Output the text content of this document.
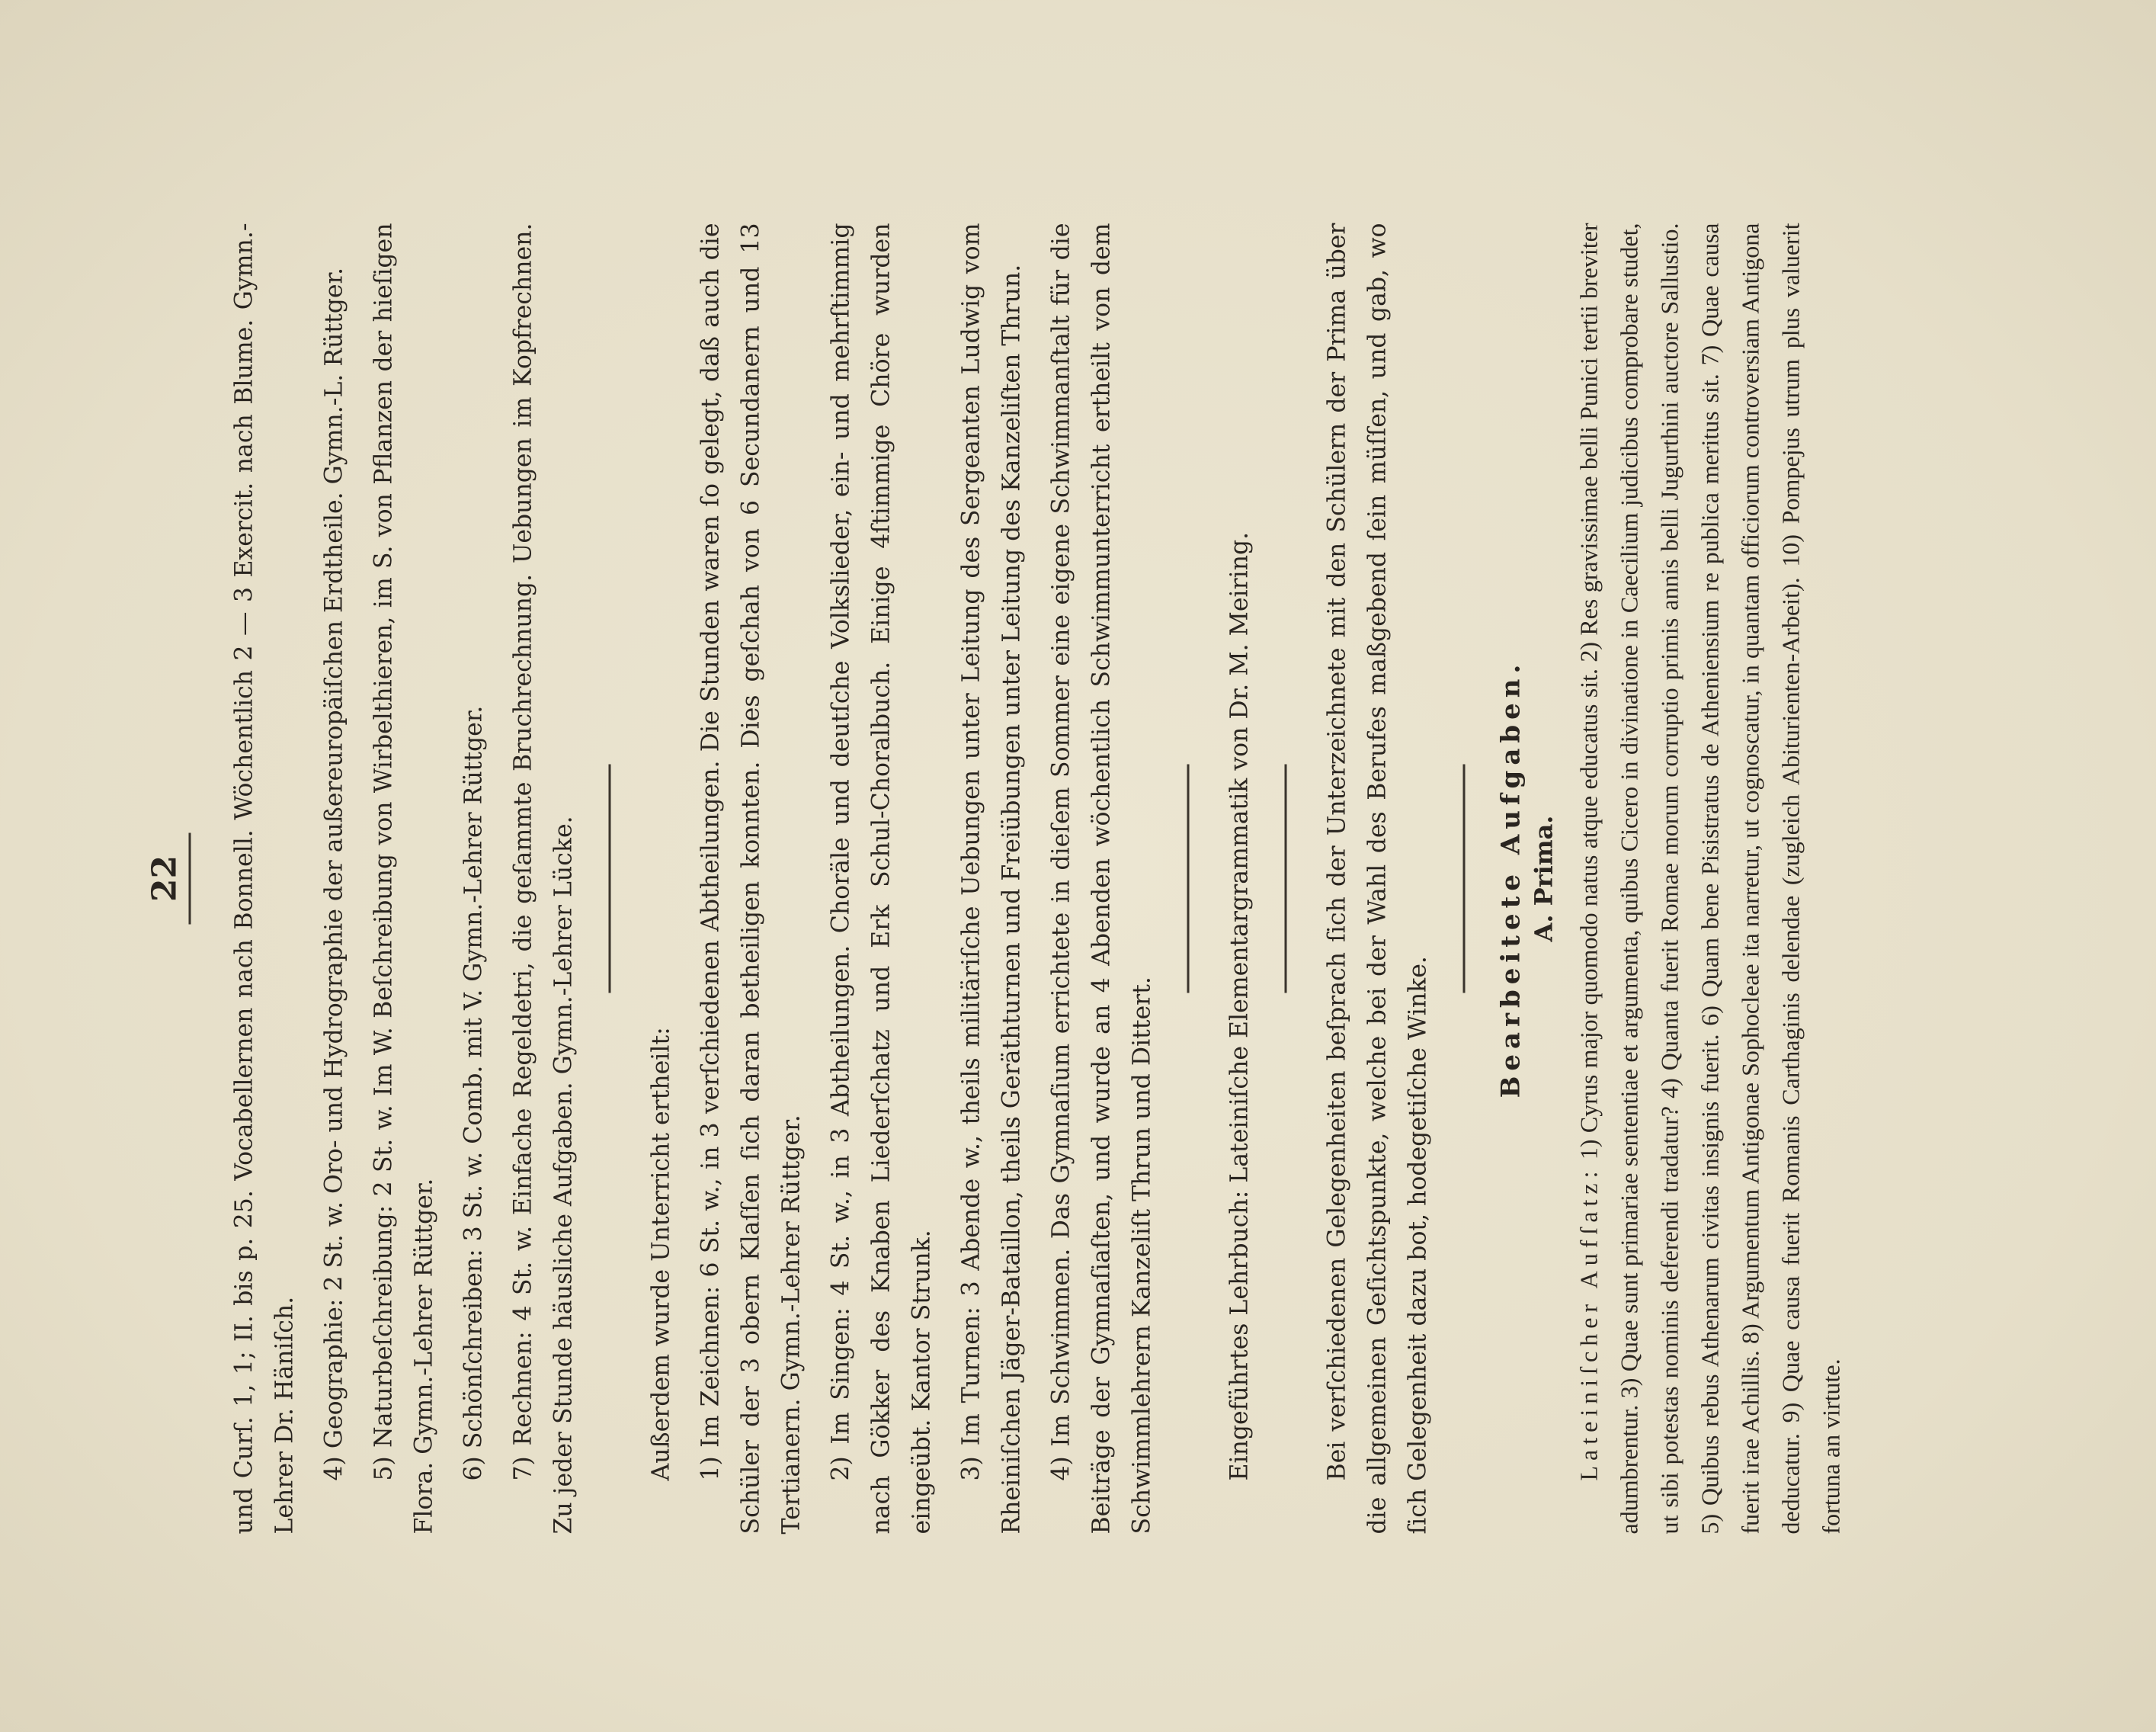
22 und Curſ. 1, 1; II. bis p. 25. Vocabellernen nach Bonnell. Wöchentlich 2 — 3 Exercit. nach Blume. Gymn.-Lehrer Dr. Häniſch. 4) Geographie: 2 St. w. Oro- und Hydrographie der außereuropäiſchen Erdtheile. Gymn.-L. Rüttger. 5) Naturbeſchreibung: 2 St. w. Im W. Beſchreibung von Wirbelthieren, im S. von Pflanzen der hieſigen Flora. Gymn.-Lehrer Rüttger. 6) Schönſchreiben: 3 St. w. Comb. mit V. Gymn.-Lehrer Rüttger. 7) Rechnen: 4 St. w. Einfache Regeldetri, die geſammte Bruchrechnung. Uebungen im Kopfrechnen. Zu jeder Stunde häusliche Aufgaben. Gymn.-Lehrer Lücke.	Außerdem wurde Unterricht ertheilt: 1) Im Zeichnen: 6 St. w., in 3 verſchiedenen Abtheilungen. Die Stunden waren ſo gelegt, daß auch die Schüler der 3 obern Klaſſen ſich daran betheiligen konnten. Dies geſchah von 6 Secundanern und 13 Tertianern. Gymn.-Lehrer Rüttger. 2) Im Singen: 4 St. w., in 3 Abtheilungen. Choräle und deutſche Volkslieder, ein- und mehrſtimmig nach Gökker des Knaben Liederſchatz und Erk Schul-Choralbuch. Einige 4ſtimmige Chöre wurden eingeübt. Kantor Strunk. 3) Im Turnen: 3 Abende w., theils militäriſche Uebungen unter Leitung des Sergeanten Ludwig vom Rheiniſchen Jäger-Bataillon, theils Geräthturnen und Freiübungen unter Leitung des Kanzeliſten Thrun. 4) Im Schwimmen. Das Gymnaſium errichtete in dieſem Sommer eine eigene Schwimmanſtalt für die Beiträge der Gymnaſiaſten, und wurde an 4 Abenden wöchentlich Schwimmunterricht ertheilt von dem Schwimmlehrern Kanzeliſt Thrun und Dittert.	Eingeführtes Lehrbuch: Lateiniſche Elementargrammatik von Dr. M. Meiring.	Bei verſchiedenen Gelegenheiten beſprach ſich der Unterzeichnete mit den Schülern der Prima über die allgemeinen Geſichtspunkte, welche bei der Wahl des Berufes maßgebend ſein müſſen, und gab, wo ſich Gelegenheit dazu bot, hodegetiſche Winke.

Bearbeitete Aufgaben. A. Prima.

Lateiniſcher Aufſatz: 1) Cyrus major quomodo natus atque educatus sit. 2) Res gravissimae belli Punici tertii breviter adumbrentur. 3) Quae sunt primariae sententiae et argumenta, quibus Cicero in divinatione in Caecilium judicibus comprobare studet, ut sibi potestas nominis deferendi tradatur? 4) Quanta fuerit Romae morum corruptio primis annis belli Jugurthini auctore Sallustio. 5) Quibus rebus Athenarum civitas insignis fuerit. 6) Quam bene Pisistratus de Atheniensium re publica meritus sit. 7) Quae causa fuerit irae Achillis. 8) Argumentum Antigonae Sophocleae ita narretur, ut cognoscatur, in quantam officiorum controversiam Antigona deducatur. 9) Quae causa fuerit Romanis Carthaginis delendae (zugleich Abiturienten-Arbeit). 10) Pompejus utrum plus valuerit fortuna an virtute.
